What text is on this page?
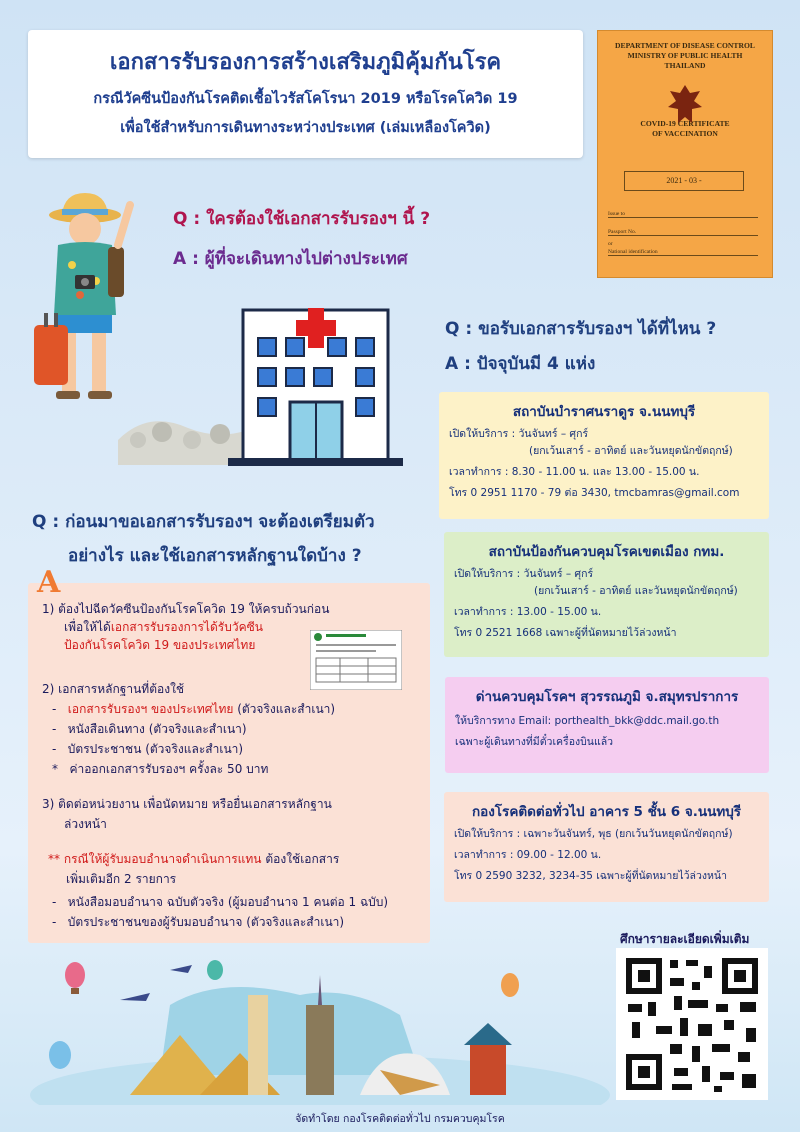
เอกสารรับรองการสร้างเสริมภูมิคุ้มกันโรค
กรณีวัคซีนป้องกันโรคติดเชื้อไวรัสโคโรนา 2019 หรือโรคโควิด 19
เพื่อใช้สำหรับการเดินทางระหว่างประเทศ (เล่มเหลืองโควิด)
DEPARTMENT OF DISEASE CONTROL
MINISTRY OF PUBLIC HEALTH
THAILAND
COVID-19 CERTIFICATE
OF VACCINATION
2021 - 03 -
Issue to
Passport No.
or
National identification
Q : ใครต้องใช้เอกสารรับรองฯ นี้ ?
A : ผู้ที่จะเดินทางไปต่างประเทศ
Q : ขอรับเอกสารรับรองฯ ได้ที่ไหน ?
A : ปัจจุบันมี 4 แห่ง
สถาบันบำราศนราดูร จ.นนทบุรี
เปิดให้บริการ : วันจันทร์ – ศุกร์
(ยกเว้นเสาร์ - อาทิตย์ และวันหยุดนักขัตฤกษ์)
เวลาทำการ : 8.30 - 11.00 น. และ 13.00 - 15.00 น.
โทร 0 2951 1170 - 79 ต่อ 3430, tmcbamras@gmail.com
สถาบันป้องกันควบคุมโรคเขตเมือง กทม.
เปิดให้บริการ : วันจันทร์ – ศุกร์
(ยกเว้นเสาร์ - อาทิตย์ และวันหยุดนักขัตฤกษ์)
เวลาทำการ : 13.00 - 15.00 น.
โทร 0 2521 1668 เฉพาะผู้ที่นัดหมายไว้ล่วงหน้า
ด่านควบคุมโรคฯ สุวรรณภูมิ จ.สมุทรปราการ
ให้บริการทาง Email: porthealth_bkk@ddc.mail.go.th
เฉพาะผู้เดินทางที่มีตั๋วเครื่องบินแล้ว
กองโรคติดต่อทั่วไป อาคาร 5 ชั้น 6 จ.นนทบุรี
เปิดให้บริการ : เฉพาะวันจันทร์, พุธ (ยกเว้นวันหยุดนักขัตฤกษ์)
เวลาทำการ : 09.00 - 12.00 น.
โทร 0 2590 3232, 3234-35 เฉพาะผู้ที่นัดหมายไว้ล่วงหน้า
Q : ก่อนมาขอเอกสารรับรองฯ จะต้องเตรียมตัว
อย่างไร และใช้เอกสารหลักฐานใดบ้าง ?
A
1) ต้องไปฉีดวัคซีนป้องกันโรคโควิด 19 ให้ครบถ้วนก่อน
เพื่อให้ได้เอกสารรับรองการได้รับวัคซีน
ป้องกันโรคโควิด 19 ของประเทศไทย
2) เอกสารหลักฐานที่ต้องใช้
- เอกสารรับรองฯ ของประเทศไทย (ตัวจริงและสำเนา)
- หนังสือเดินทาง (ตัวจริงและสำเนา)
- บัตรประชาชน (ตัวจริงและสำเนา)
* ค่าออกเอกสารรับรองฯ ครั้งละ 50 บาท
3) ติดต่อหน่วยงาน เพื่อนัดหมาย หรือยื่นเอกสารหลักฐาน
ล่วงหน้า
** กรณีให้ผู้รับมอบอำนาจดำเนินการแทน ต้องใช้เอกสาร
เพิ่มเติมอีก 2 รายการ
- หนังสือมอบอำนาจ ฉบับตัวจริง (ผู้มอบอำนาจ 1 คนต่อ 1 ฉบับ)
- บัตรประชาชนของผู้รับมอบอำนาจ (ตัวจริงและสำเนา)
ศึกษารายละเอียดเพิ่มเติม
จัดทำโดย กองโรคติดต่อทั่วไป กรมควบคุมโรค
